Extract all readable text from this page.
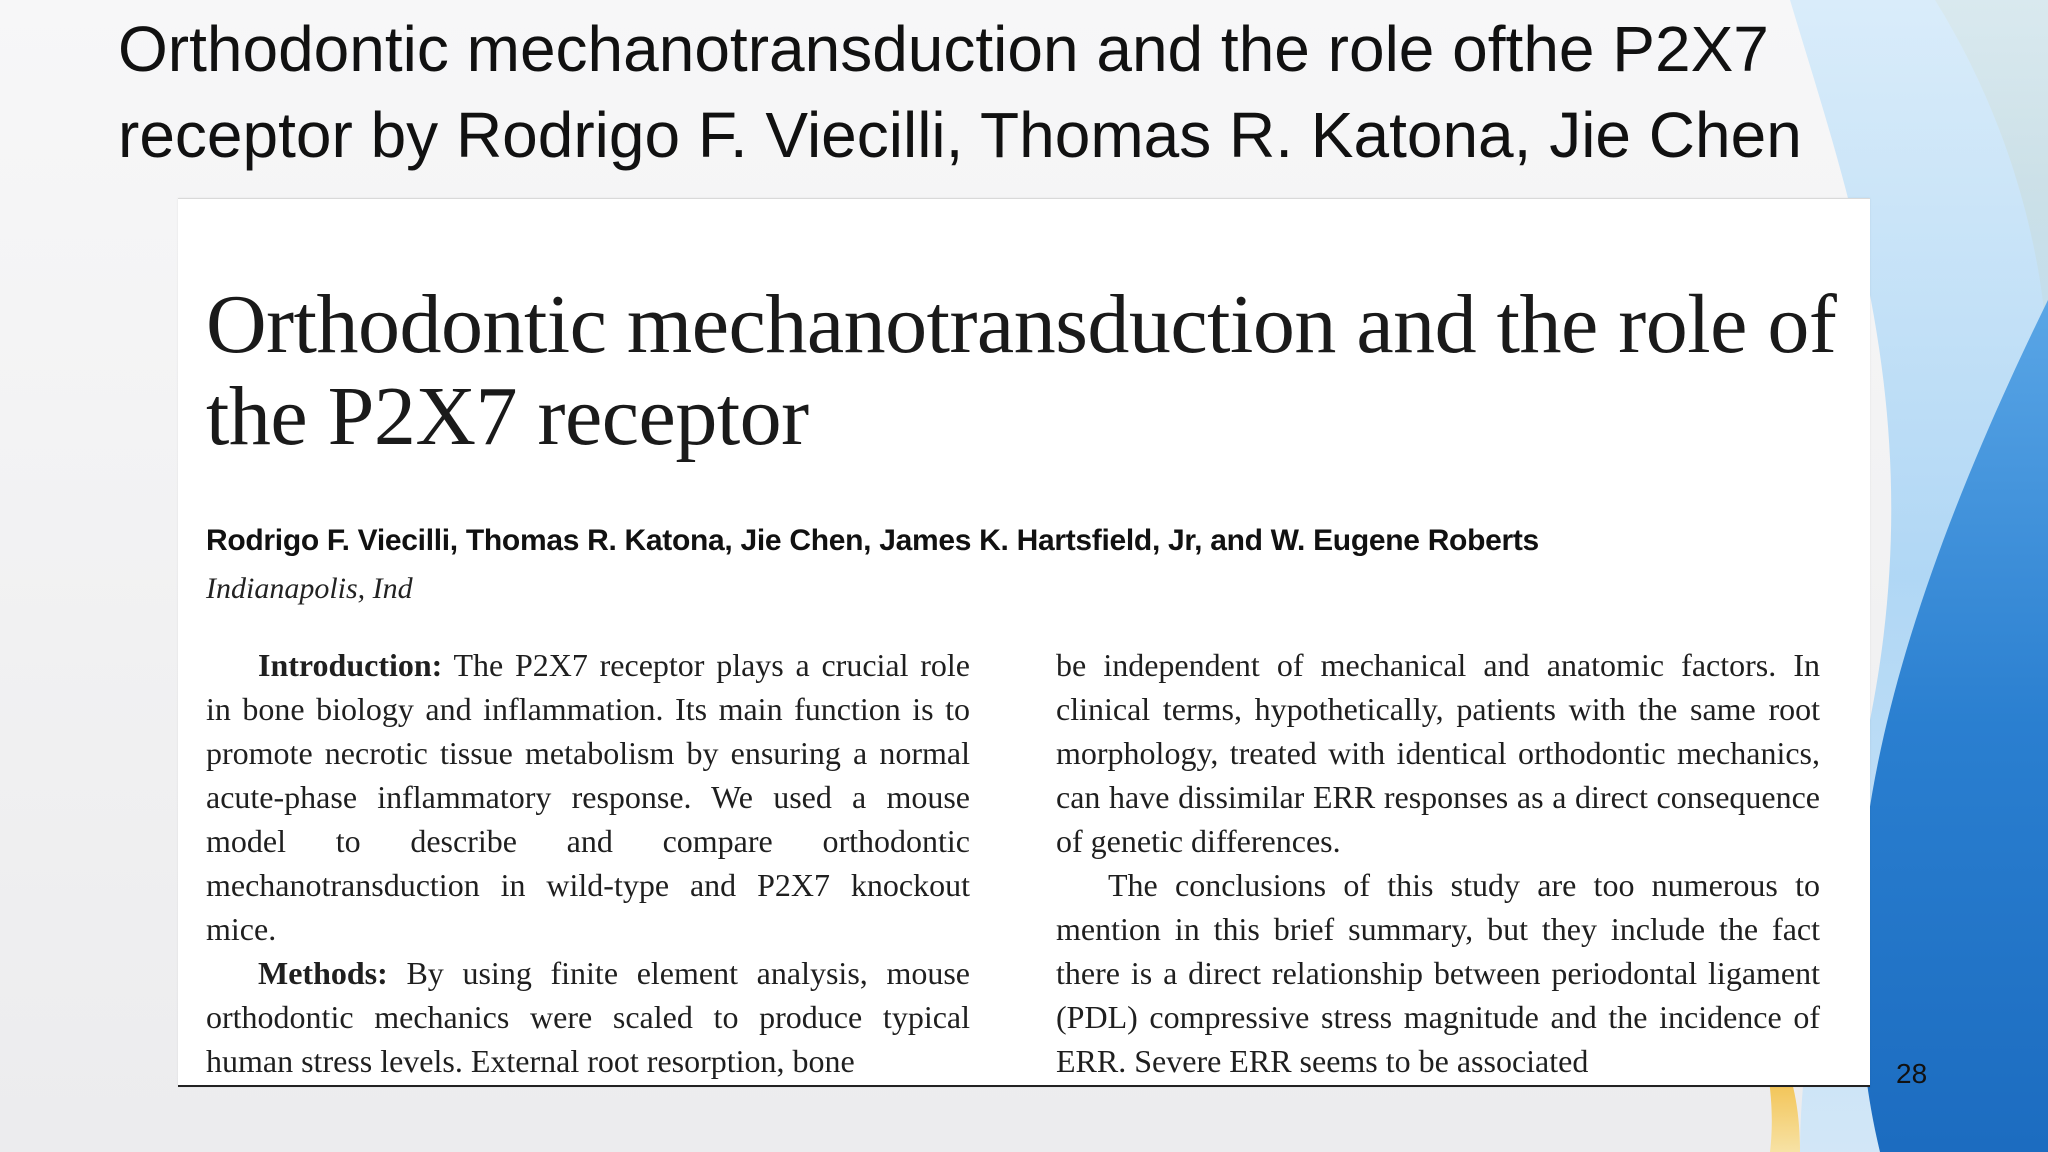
Orthodontic mechanotransduction and the role ofthe P2X7 receptor by Rodrigo F. Viecilli, Thomas R. Katona, Jie Chen
Orthodontic mechanotransduction and the role of the P2X7 receptor

Rodrigo F. Viecilli, Thomas R. Katona, Jie Chen, James K. Hartsfield, Jr, and W. Eugene Roberts

Indianapolis, Ind

Introduction: The P2X7 receptor plays a crucial role in bone biology and inflammation. Its main function is to promote necrotic tissue metabolism by ensuring a normal acute-phase inflammatory response. We used a mouse model to describe and compare orthodontic mechanotransduction in wild-type and P2X7 knockout mice.

Methods: By using finite element analysis, mouse orthodontic mechanics were scaled to produce typical human stress levels. External root resorption, bone

be independent of mechanical and anatomic factors. In clinical terms, hypothetically, patients with the same root morphology, treated with identical orthodontic mechanics, can have dissimilar ERR responses as a direct consequence of genetic differences.

The conclusions of this study are too numerous to mention in this brief summary, but they include the fact there is a direct relationship between periodontal ligament (PDL) compressive stress magnitude and the incidence of ERR. Severe ERR seems to be associated	28
